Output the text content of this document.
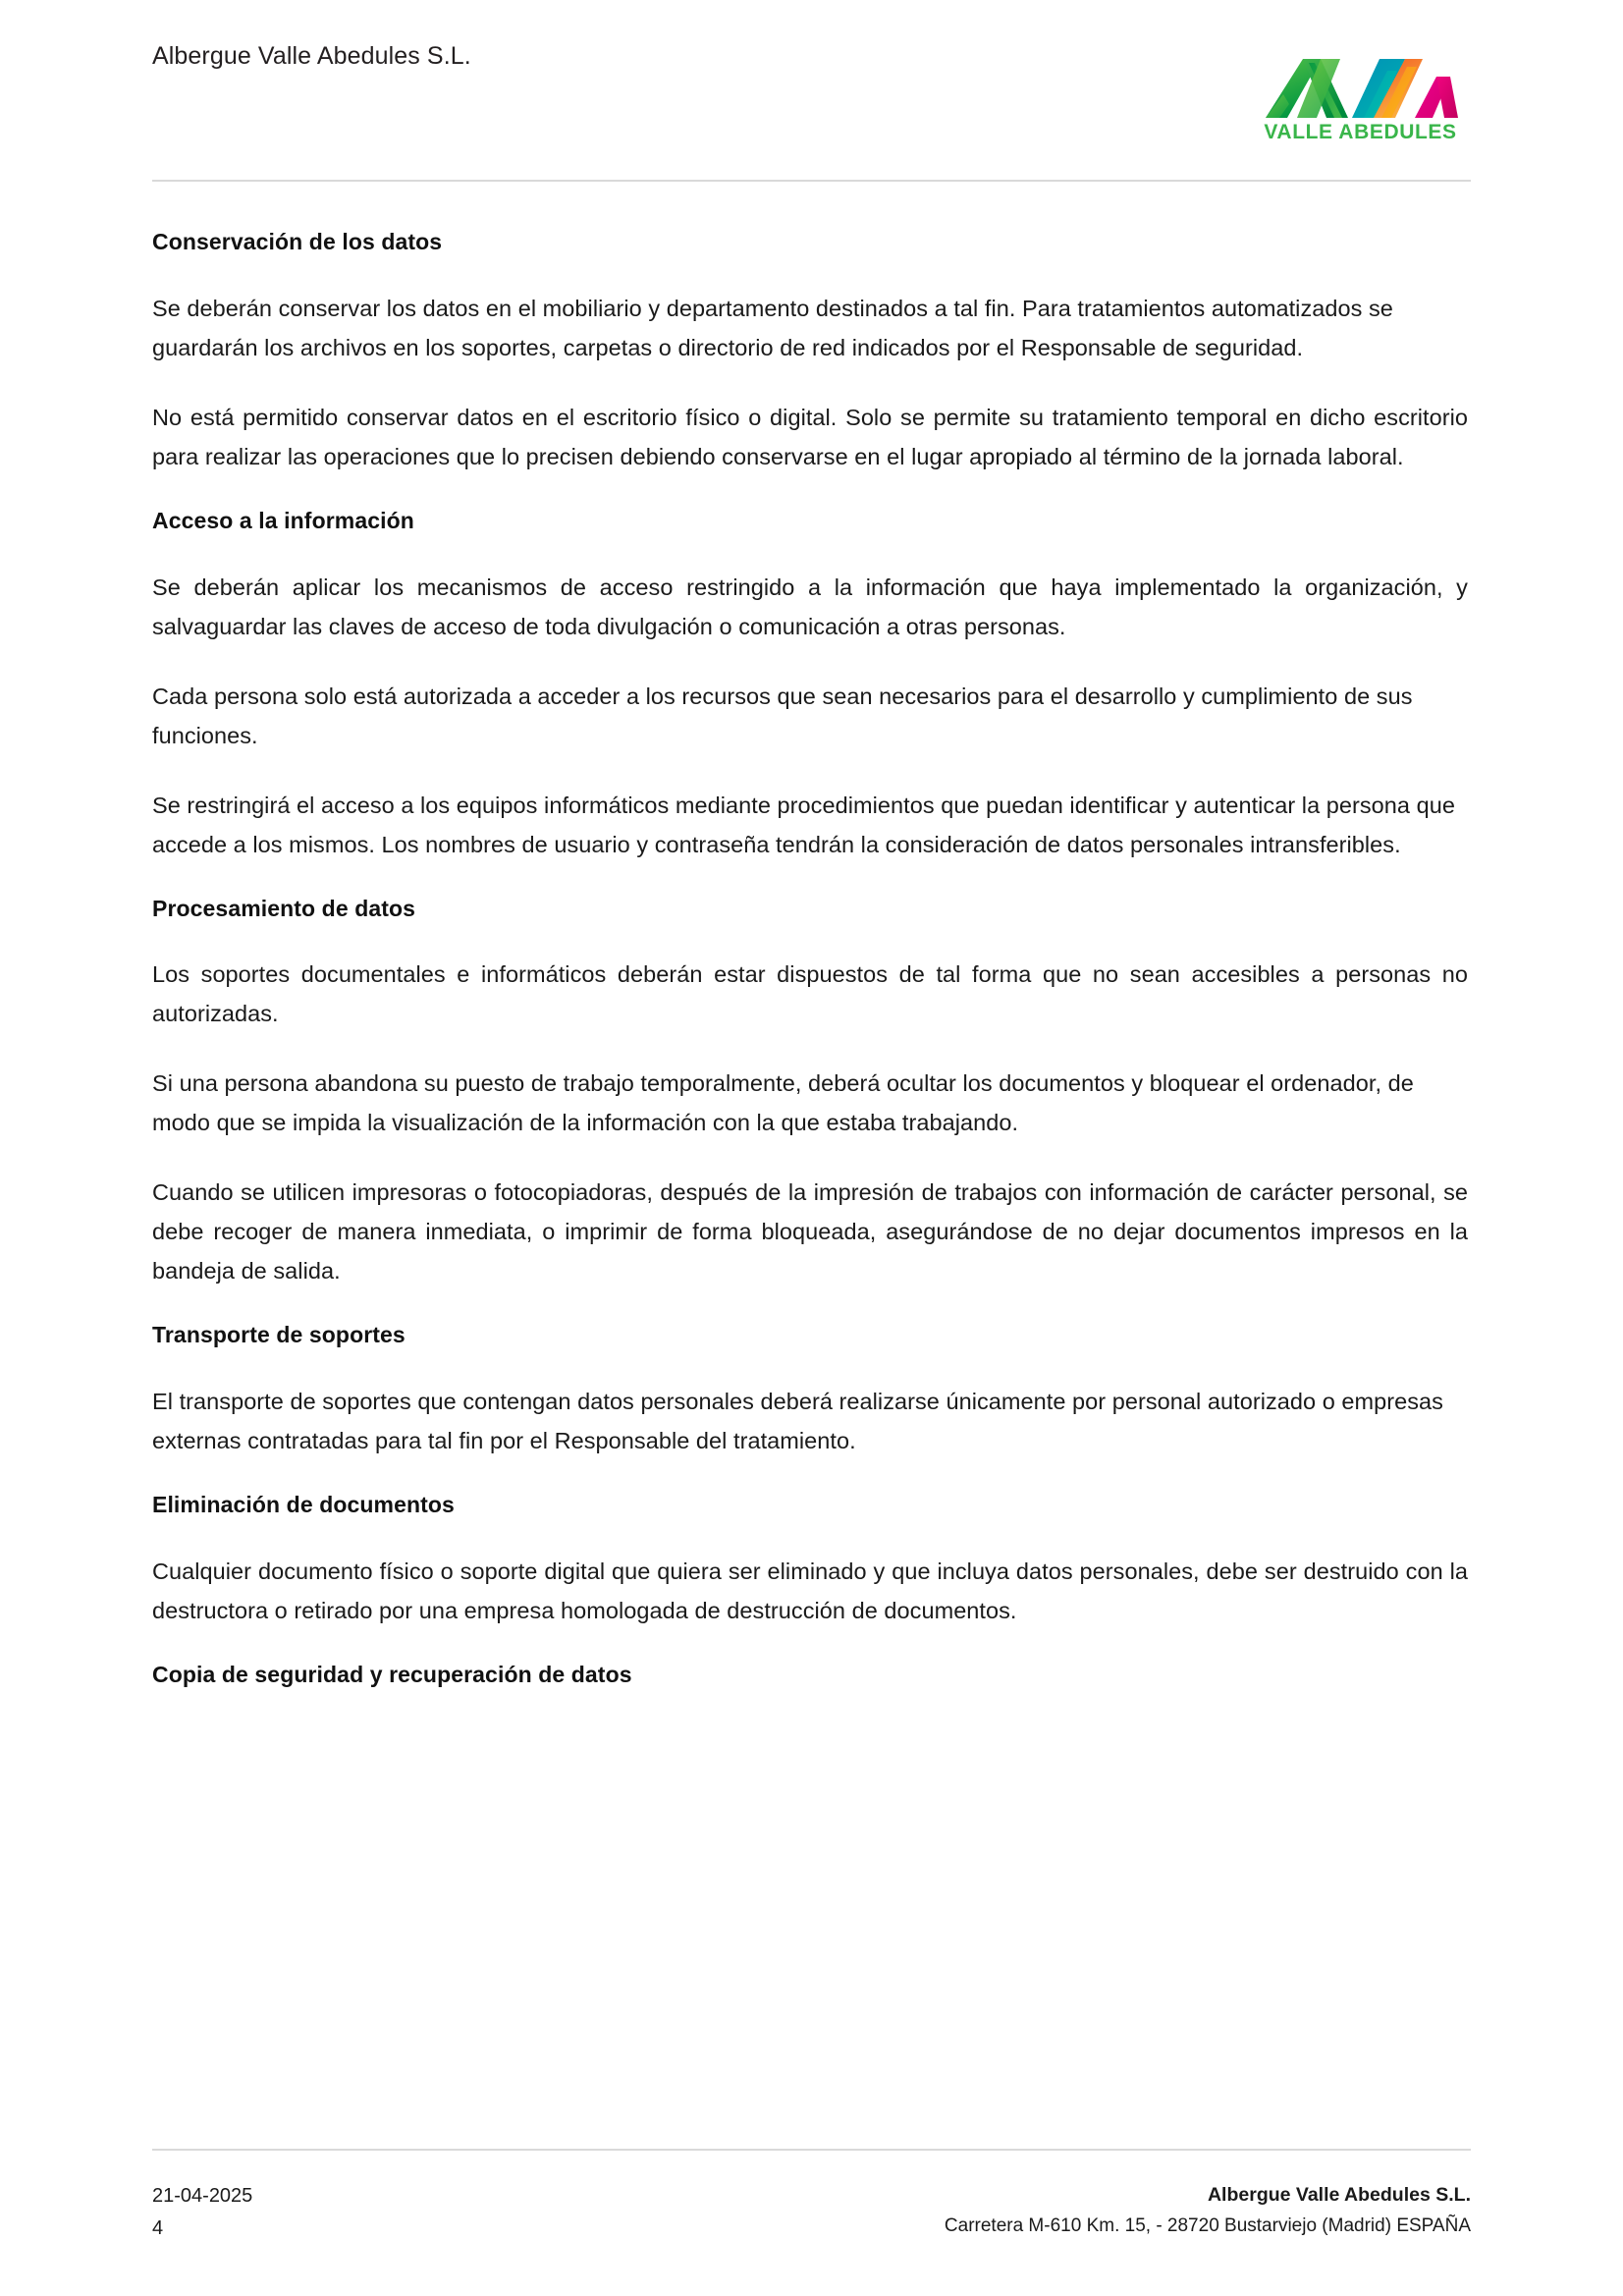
Albergue Valle Abedules S.L.
VALLE ABEDULES
Conservación de los datos

Se deberán conservar los datos en el mobiliario y departamento destinados a tal fin. Para tratamientos automatizados se guardarán los archivos en los soportes, carpetas o directorio de red indicados por el Responsable de seguridad.

No está permitido conservar datos en el escritorio físico o digital. Solo se permite su tratamiento temporal en dicho escritorio para realizar las operaciones que lo precisen debiendo conservarse en el lugar apropiado al término de la jornada laboral.

Acceso a la información

Se deberán aplicar los mecanismos de acceso restringido a la información que haya implementado la organización, y salvaguardar las claves de acceso de toda divulgación o comunicación a otras personas.

Cada persona solo está autorizada a acceder a los recursos que sean necesarios para el desarrollo y cumplimiento de sus funciones.

Se restringirá el acceso a los equipos informáticos mediante procedimientos que puedan identificar y autenticar la persona que accede a los mismos. Los nombres de usuario y contraseña tendrán la consideración de datos personales intransferibles.

Procesamiento de datos

Los soportes documentales e informáticos deberán estar dispuestos de tal forma que no sean accesibles a personas no autorizadas.

Si una persona abandona su puesto de trabajo temporalmente, deberá ocultar los documentos y bloquear el ordenador, de modo que se impida la visualización de la información con la que estaba trabajando.

Cuando se utilicen impresoras o fotocopiadoras, después de la impresión de trabajos con información de carácter personal, se debe recoger de manera inmediata, o imprimir de forma bloqueada, asegurándose de no dejar documentos impresos en la bandeja de salida.

Transporte de soportes

El transporte de soportes que contengan datos personales deberá realizarse únicamente por personal autorizado o empresas externas contratadas para tal fin por el Responsable del tratamiento.

Eliminación de documentos

Cualquier documento físico o soporte digital que quiera ser eliminado y que incluya datos personales, debe ser destruido con la destructora o retirado por una empresa homologada de destrucción de documentos.

Copia de seguridad y recuperación de datos
21-04-2025
4
Albergue Valle Abedules S.L.
Carretera M-610 Km. 15, - 28720 Bustarviejo (Madrid) ESPAÑA
